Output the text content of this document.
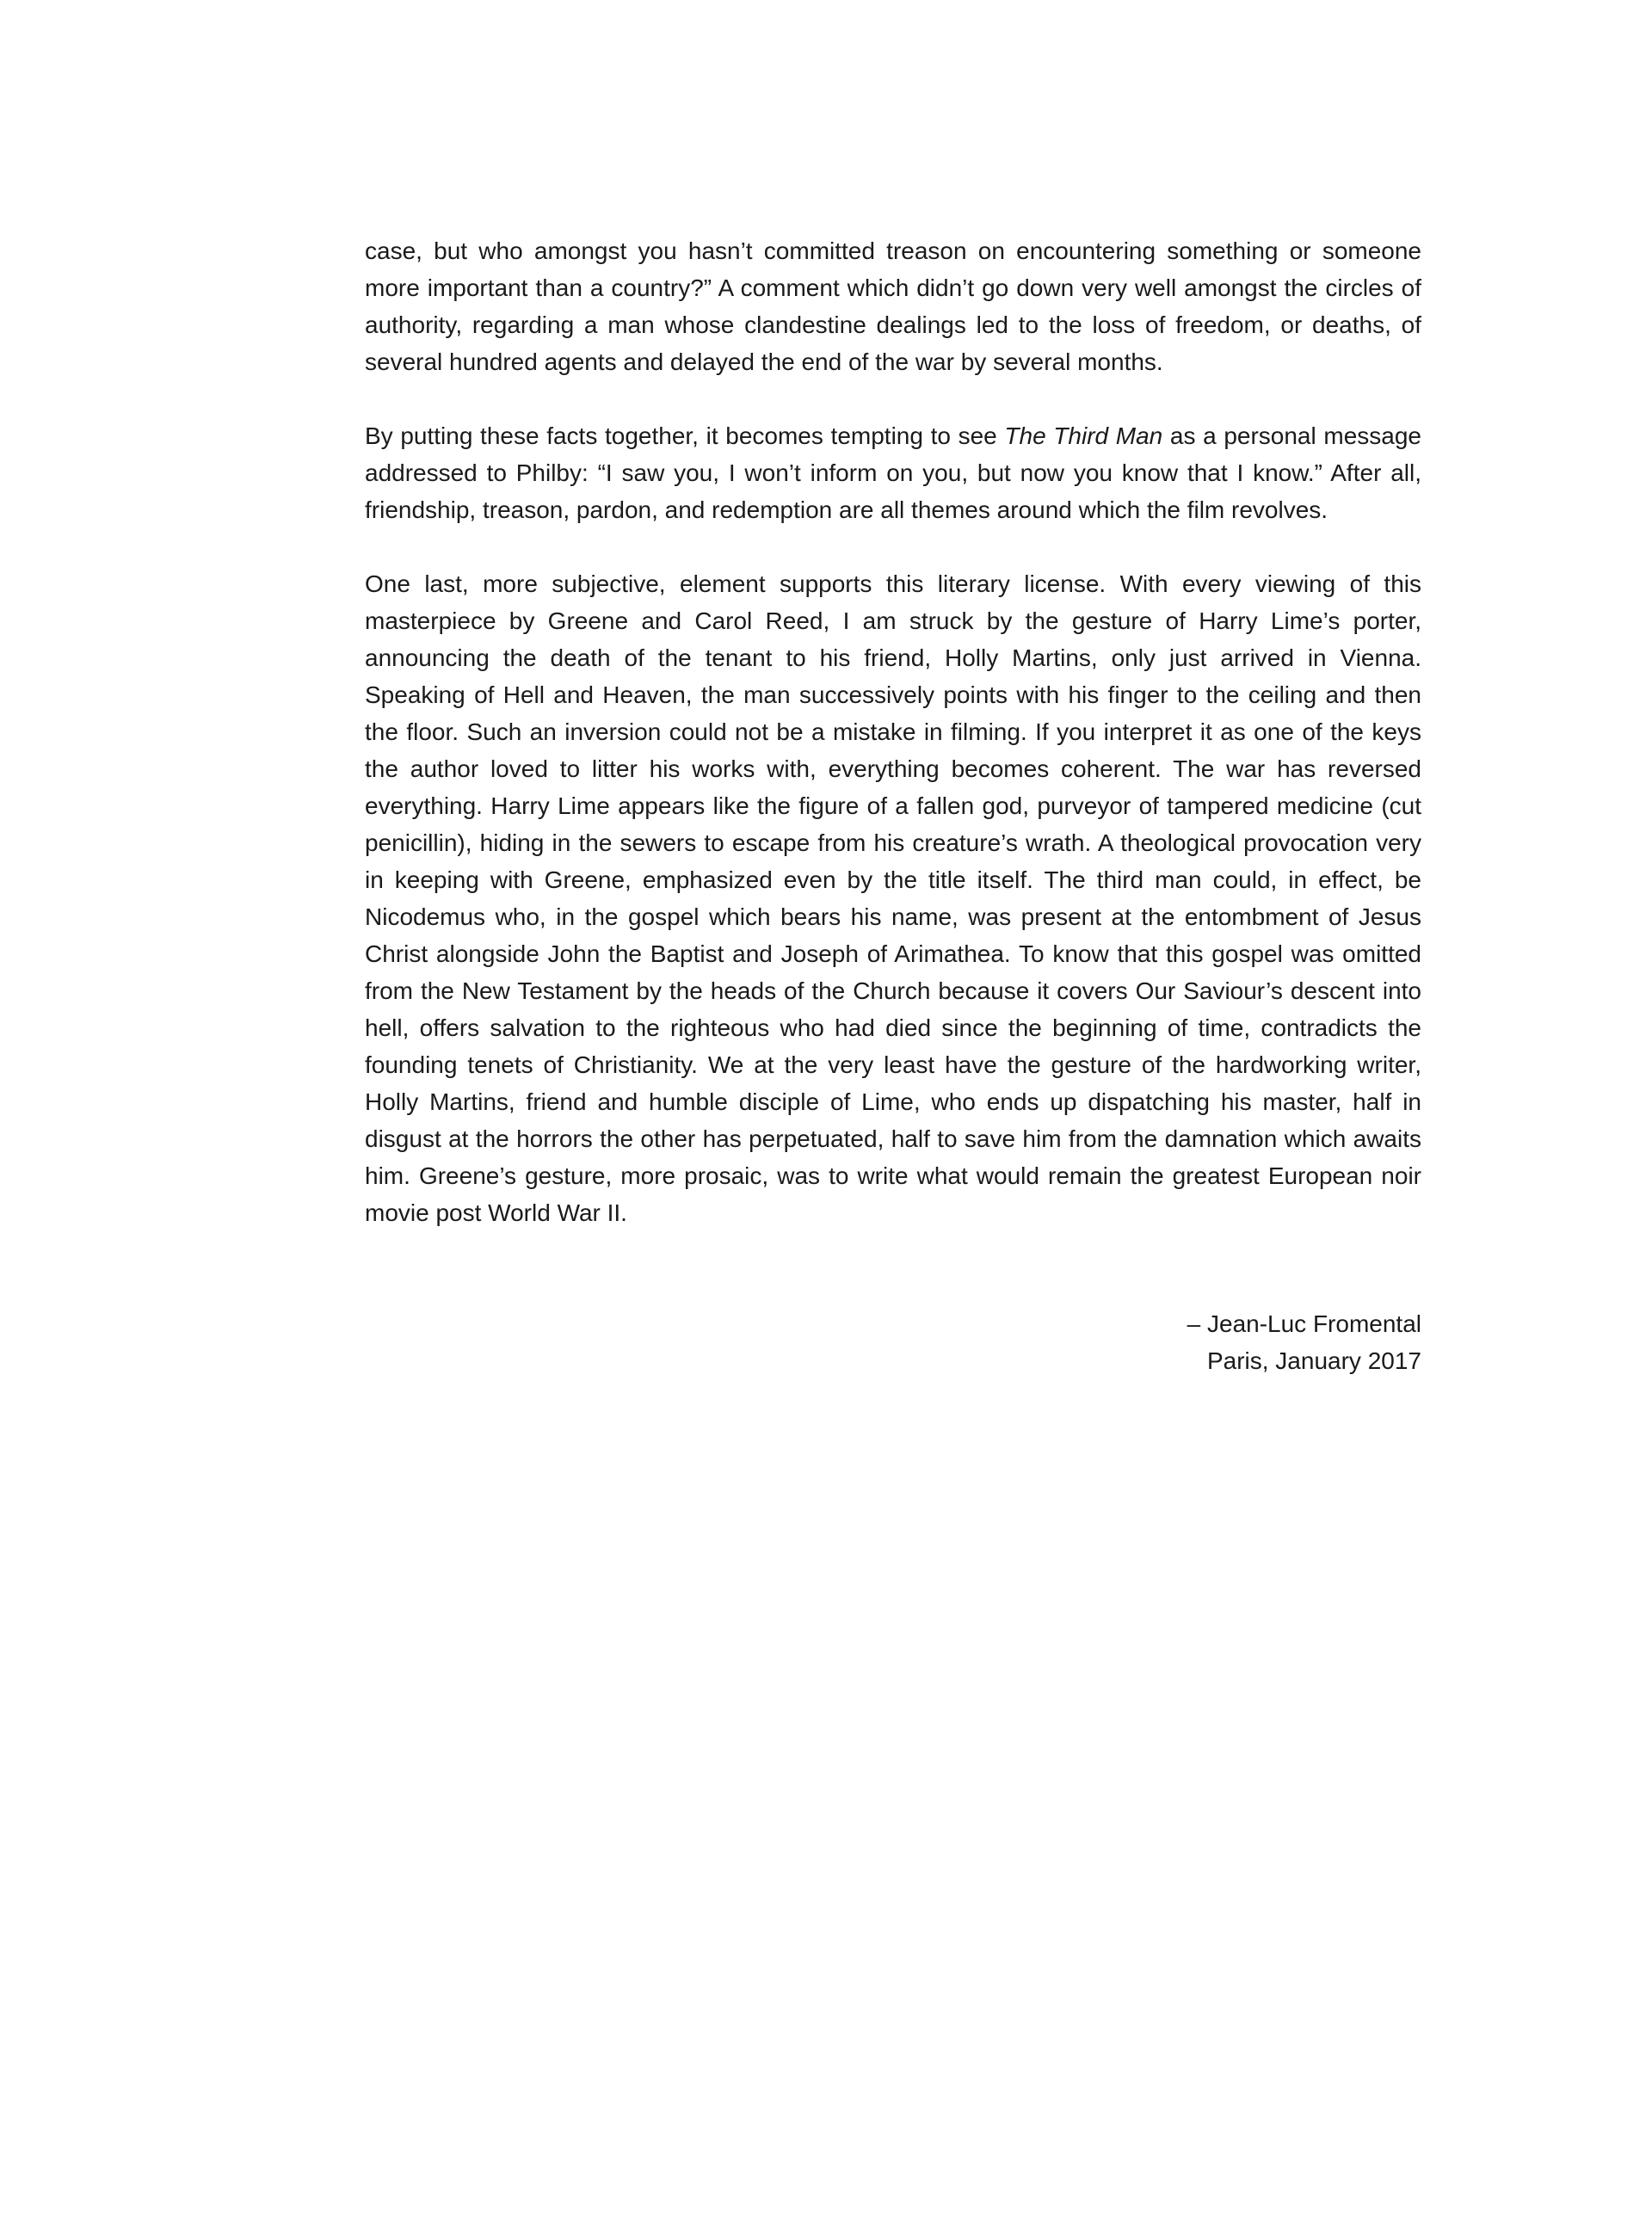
case, but who amongst you hasn’t committed treason on encountering something or someone more important than a country?” A comment which didn’t go down very well amongst the circles of authority, regarding a man whose clandestine dealings led to the loss of freedom, or deaths, of several hundred agents and delayed the end of the war by several months.

By putting these facts together, it becomes tempting to see The Third Man as a personal message addressed to Philby: “I saw you, I won’t inform on you, but now you know that I know.” After all, friendship, treason, pardon, and redemption are all themes around which the film revolves.

One last, more subjective, element supports this literary license. With every viewing of this masterpiece by Greene and Carol Reed, I am struck by the gesture of Harry Lime’s porter, announcing the death of the tenant to his friend, Holly Martins, only just arrived in Vienna. Speaking of Hell and Heaven, the man successively points with his finger to the ceiling and then the floor. Such an inversion could not be a mistake in filming. If you interpret it as one of the keys the author loved to litter his works with, everything becomes coherent. The war has reversed everything. Harry Lime appears like the figure of a fallen god, purveyor of tampered medicine (cut penicillin), hiding in the sewers to escape from his creature’s wrath. A theological provocation very in keeping with Greene, emphasized even by the title itself. The third man could, in effect, be Nicodemus who, in the gospel which bears his name, was present at the entombment of Jesus Christ alongside John the Baptist and Joseph of Arimathea. To know that this gospel was omitted from the New Testament by the heads of the Church because it covers Our Saviour’s descent into hell, offers salvation to the righteous who had died since the beginning of time, contradicts the founding tenets of Christianity. We at the very least have the gesture of the hardworking writer, Holly Martins, friend and humble disciple of Lime, who ends up dispatching his master, half in disgust at the horrors the other has perpetuated, half to save him from the damnation which awaits him. Greene’s gesture, more prosaic, was to write what would remain the greatest European noir movie post World War II.

– Jean-Luc Fromental
Paris, January 2017
